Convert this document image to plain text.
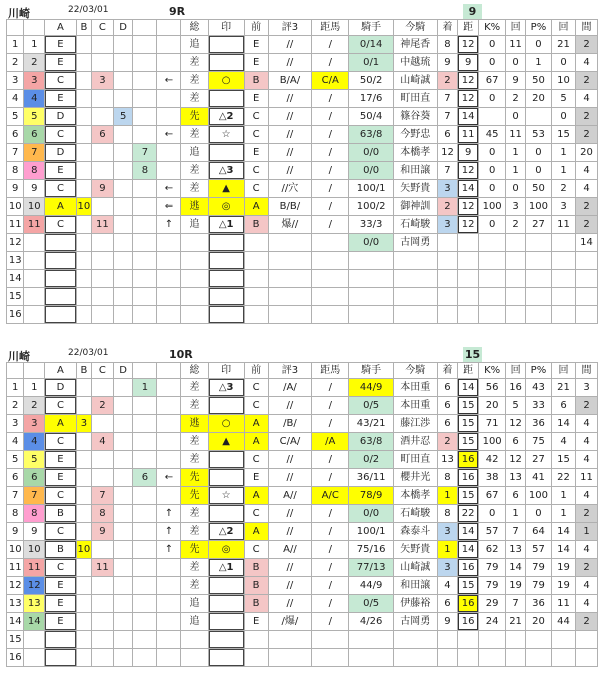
川崎	22/03/01	9R	9
		A	B	C	D			総	印	前	評3	距馬	騎手	今騎	着	距	K%	回	P%	回	間
1	1	E						追		E	//	/	0/14	神尾香	8	12	0	11	0	21	2
2	2	E						差		E	//	/	0/1	中越琉	9	9	0	0	1	0	4
3	3	C		3			←	差	○	B	B/A/	C/A	50/2	山崎誠	2	12	67	9	50	10	2
4	4	E						差		E	//	/	17/6	町田直	7	12	0	2	20	5	4
5	5	D			5			先	△2	C	//	/	50/4	篠谷葵	7	14		0		0	2
6	6	C		6			←	差	☆	C	//	/	63/8	今野忠	6	11	45	11	53	15	2
7	7	D				7		追		E	//	/	0/0	本橋孝	12	9	0	1	0	1	20
8	8	E				8		差	△3	C	//	/	0/0	和田譲	7	12	0	1	0	1	4
9	9	C		9			←	差	▲	C	//穴	/	100/1	矢野貴	3	14	0	0	50	2	4
10	10	A	10				⇐	逃	◎	A	B/B/	/	100/2	御神訓	2	12	100	3	100	3	2
11	11	C		11			↑	追	△1	B	爆//	/	33/3	石崎駿	3	12	0	2	27	11	2
12													0/0	古岡勇							14
13																					
14																					
15																					
16																					
川崎	22/03/01	10R	15
		A	B	C	D			総	印	前	評3	距馬	騎手	今騎	着	距	K%	回	P%	回	間
1	1	D				1		差	△3	C	/A/	/	44/9	本田重	6	14	56	16	43	21	3
2	2	C		2				差		C	//	/	0/5	本田重	6	15	20	5	33	6	2
3	3	A	3					逃	○	A	/B/	/	43/21	藤江渉	6	15	71	12	36	14	4
4	4	C		4				差	▲	A	C/A/	/A	63/8	酒井忍	2	15	100	6	75	4	4
5	5	E						差		C	//	/	0/2	町田直	13	16	42	12	27	15	4
6	6	E				6	←	先		E	//	/	36/11	櫻井光	8	16	38	13	41	22	11
7	7	C		7				先	☆	A	A//	A/C	78/9	本橋孝	1	15	67	6	100	1	4
8	8	B		8			↑	差		C	//	/	0/0	石崎駿	8	22	0	1	0	1	2
9	9	C		9			↑	差	△2	A	//	/	100/1	森泰斗	3	14	57	7	64	14	1
10	10	B	10				↑	先	◎	C	A//	/	75/16	矢野貴	1	14	62	13	57	14	4
11	11	C		11				差	△1	B	//	/	77/13	山崎誠	3	16	79	14	79	19	2
12	12	E						差		B	//	/	44/9	和田譲	4	15	79	19	79	19	4
13	13	E						追		B	//	/	0/5	伊藤裕	6	16	29	7	36	11	4
14	14	E						追		E	/爆/	/	4/26	古岡勇	9	16	24	21	20	44	2
15																					
16																					
